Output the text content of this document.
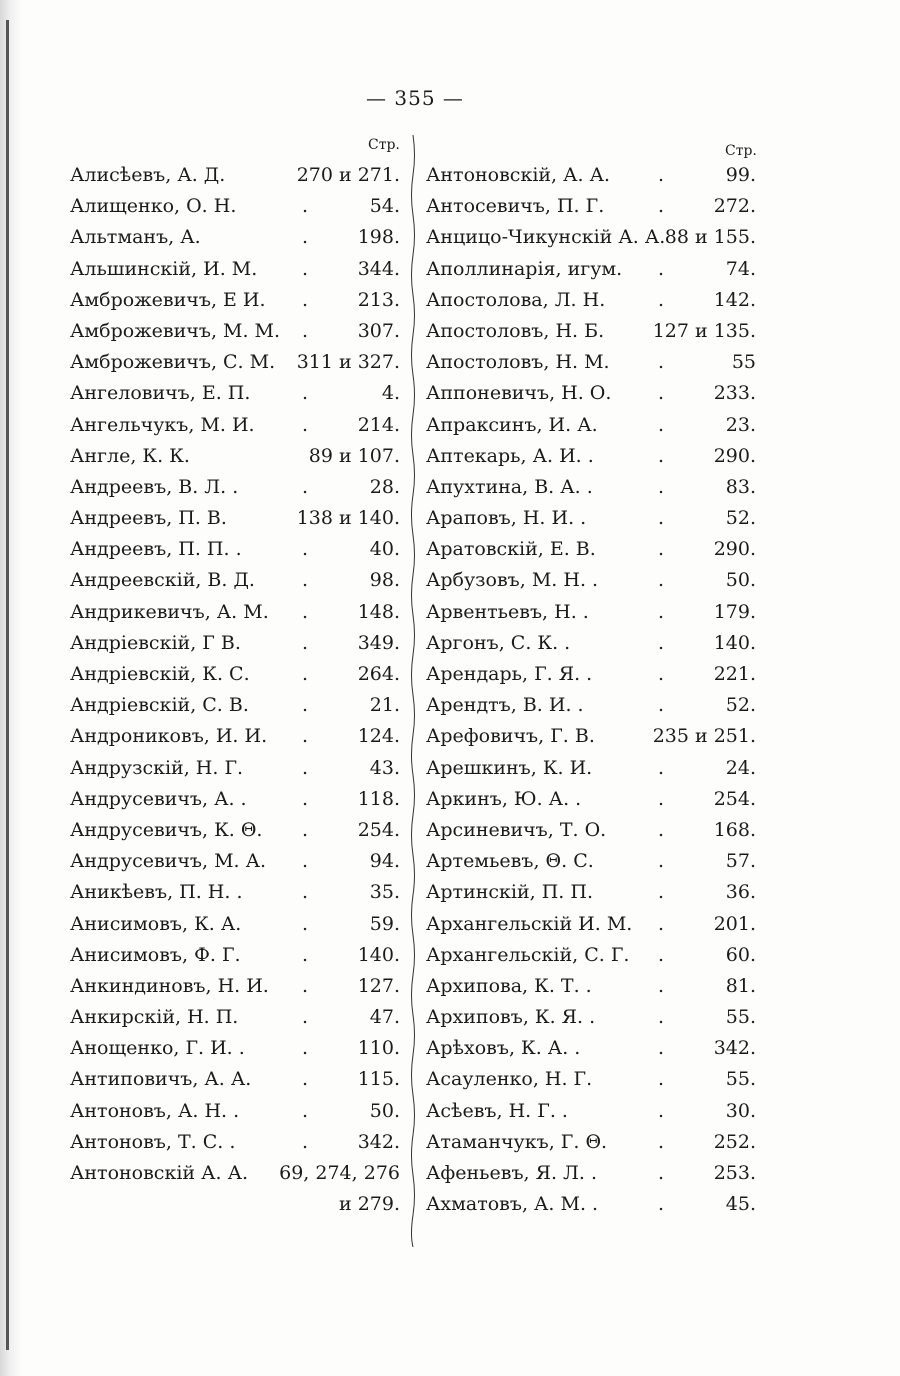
— 355 —
Стр.	Стр.
Алисѣевъ, А. Д.	270 и 271.
Алищенко, О. Н.	.	54.
Альтманъ, А.	.	198.
Альшинскій, И. М. .	344.
Амброжевичъ, Е И. .	213.
Амброжевичъ, М. М. .	307.
Амброжевичъ, С. М. 311 и 327.
Ангеловичъ, Е. П.	.	4.
Ангельчукъ, М. И. .	214.
Англе, К. К.	89 и 107.
Андреевъ, В. Л. .	.	28.
Андреевъ, П. В.	138 и 140.
Андреевъ, П. П. .	.	40.
Андреевскій, В. Д. .	98.
Андрикевичъ, А. М. .	148.
Андріевскій, Г В.	.	349.
Андріевскій, К. С.	.	264.
Андріевскій, С. В.	.	21.
Андрониковъ, И. И. .	124.
Андрузскій, Н. Г.	.	43.
Андрусевичъ, А. .	.	118.
Андрусевичъ, К. Θ. .	254.
Андрусевичъ, М. А. .	94.
Аникѣевъ, П. Н. .	.	35.
Анисимовъ, К. А.	.	59.
Анисимовъ, Ф. Г.	.	140.
Анкиндиновъ, Н. И. .	127.
Анкирскій, Н. П.	.	47.
Анощенко, Г. И. .	.	110.
Антиповичъ, А. А.	.	115.
Антоновъ, А. Н. .	.	50.
Антоновъ, Т. С. .	.	342.
Антоновскій А. А. 69, 274, 276
и 279.
Антоновскій, А. А.	.	99.
Антосевичъ, П. Г.	.	272.
Анцицо-Чикунскій А. А. 88 и 155.
Аполлинарія, игум. .	74.
Апостолова, Л. Н.	.	142.
Апостоловъ, Н. Б.	127 и 135.
Апостоловъ, Н. М.	.	55
Аппоневичъ, Н. О. .	233.
Апраксинъ, И. А.	.	23.
Аптекарь, А. И. .	.	290.
Апухтина, В. А. .	.	83.
Араповъ, Н. И. .	.	52.
Аратовскій, Е. В.	.	290.
Арбузовъ, М. Н. .	.	50.
Арвентьевъ, Н. .	.	179.
Аргонъ, С. К. .	.	140.
Арендарь, Г. Я. .	.	221.
Арендтъ, В. И. .	.	52.
Арефовичъ, Г. В.	235 и 251.
Арешкинъ, К. И.	.	24.
Аркинъ, Ю. А. .	.	254.
Арсиневичъ, Т. О.	.	168.
Артемьевъ, Θ. С.	.	57.
Артинскій, П. П.	.	36.
Архангельскій И. М. .	201.
Архангельскій, С. Г. .	60.
Архипова, К. Т. .	.	81.
Архиповъ, К. Я. .	.	55.
Арѣховъ, К. А. .	.	342.
Асауленко, Н. Г.	.	55.
Асѣевъ, Н. Г. .	.	30.
Атаманчукъ, Г. Θ.	.	252.
Афеньевъ, Я. Л. .	.	253.
Ахматовъ, А. М. .	.	45.
